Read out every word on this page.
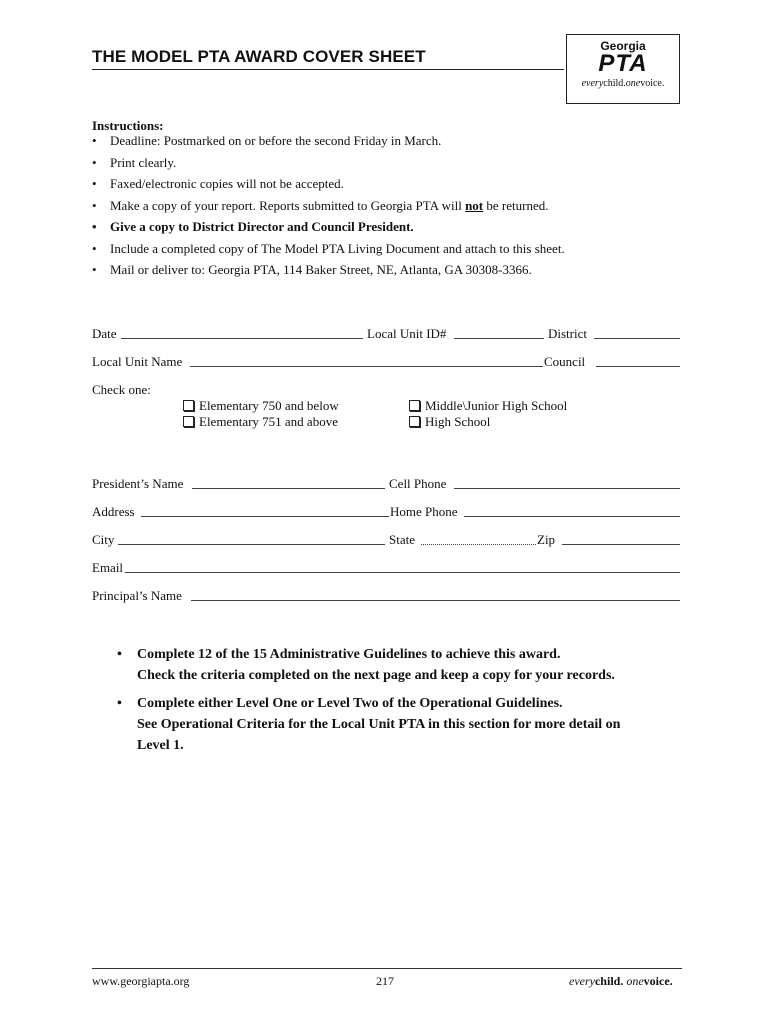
THE MODEL PTA AWARD COVER SHEET
Georgia
PTA
everychild.onevoice.
Instructions:
• Deadline: Postmarked on or before the second Friday in March.
• Print clearly.
• Faxed/electronic copies will not be accepted.
• Make a copy of your report. Reports submitted to Georgia PTA will not be returned.
• Give a copy to District Director and Council President.
• Include a completed copy of The Model PTA Living Document and attach to this sheet.
• Mail or deliver to: Georgia PTA, 114 Baker Street, NE, Atlanta, GA 30308-3366.
Date	Local Unit ID#	District
Local Unit Name	Council
Check one:
Elementary 750 and below	Middle\Junior High School
Elementary 751 and above	High School
President’s Name	Cell Phone
Address	Home Phone
City	State	Zip
Email
Principal’s Name
• Complete 12 of the 15 Administrative Guidelines to achieve this award.
Check the criteria completed on the next page and keep a copy for your records.
• Complete either Level One or Level Two of the Operational Guidelines.
See Operational Criteria for the Local Unit PTA in this section for more detail on
Level 1.
www.georgiapta.org	217	everychild. onevoice.
